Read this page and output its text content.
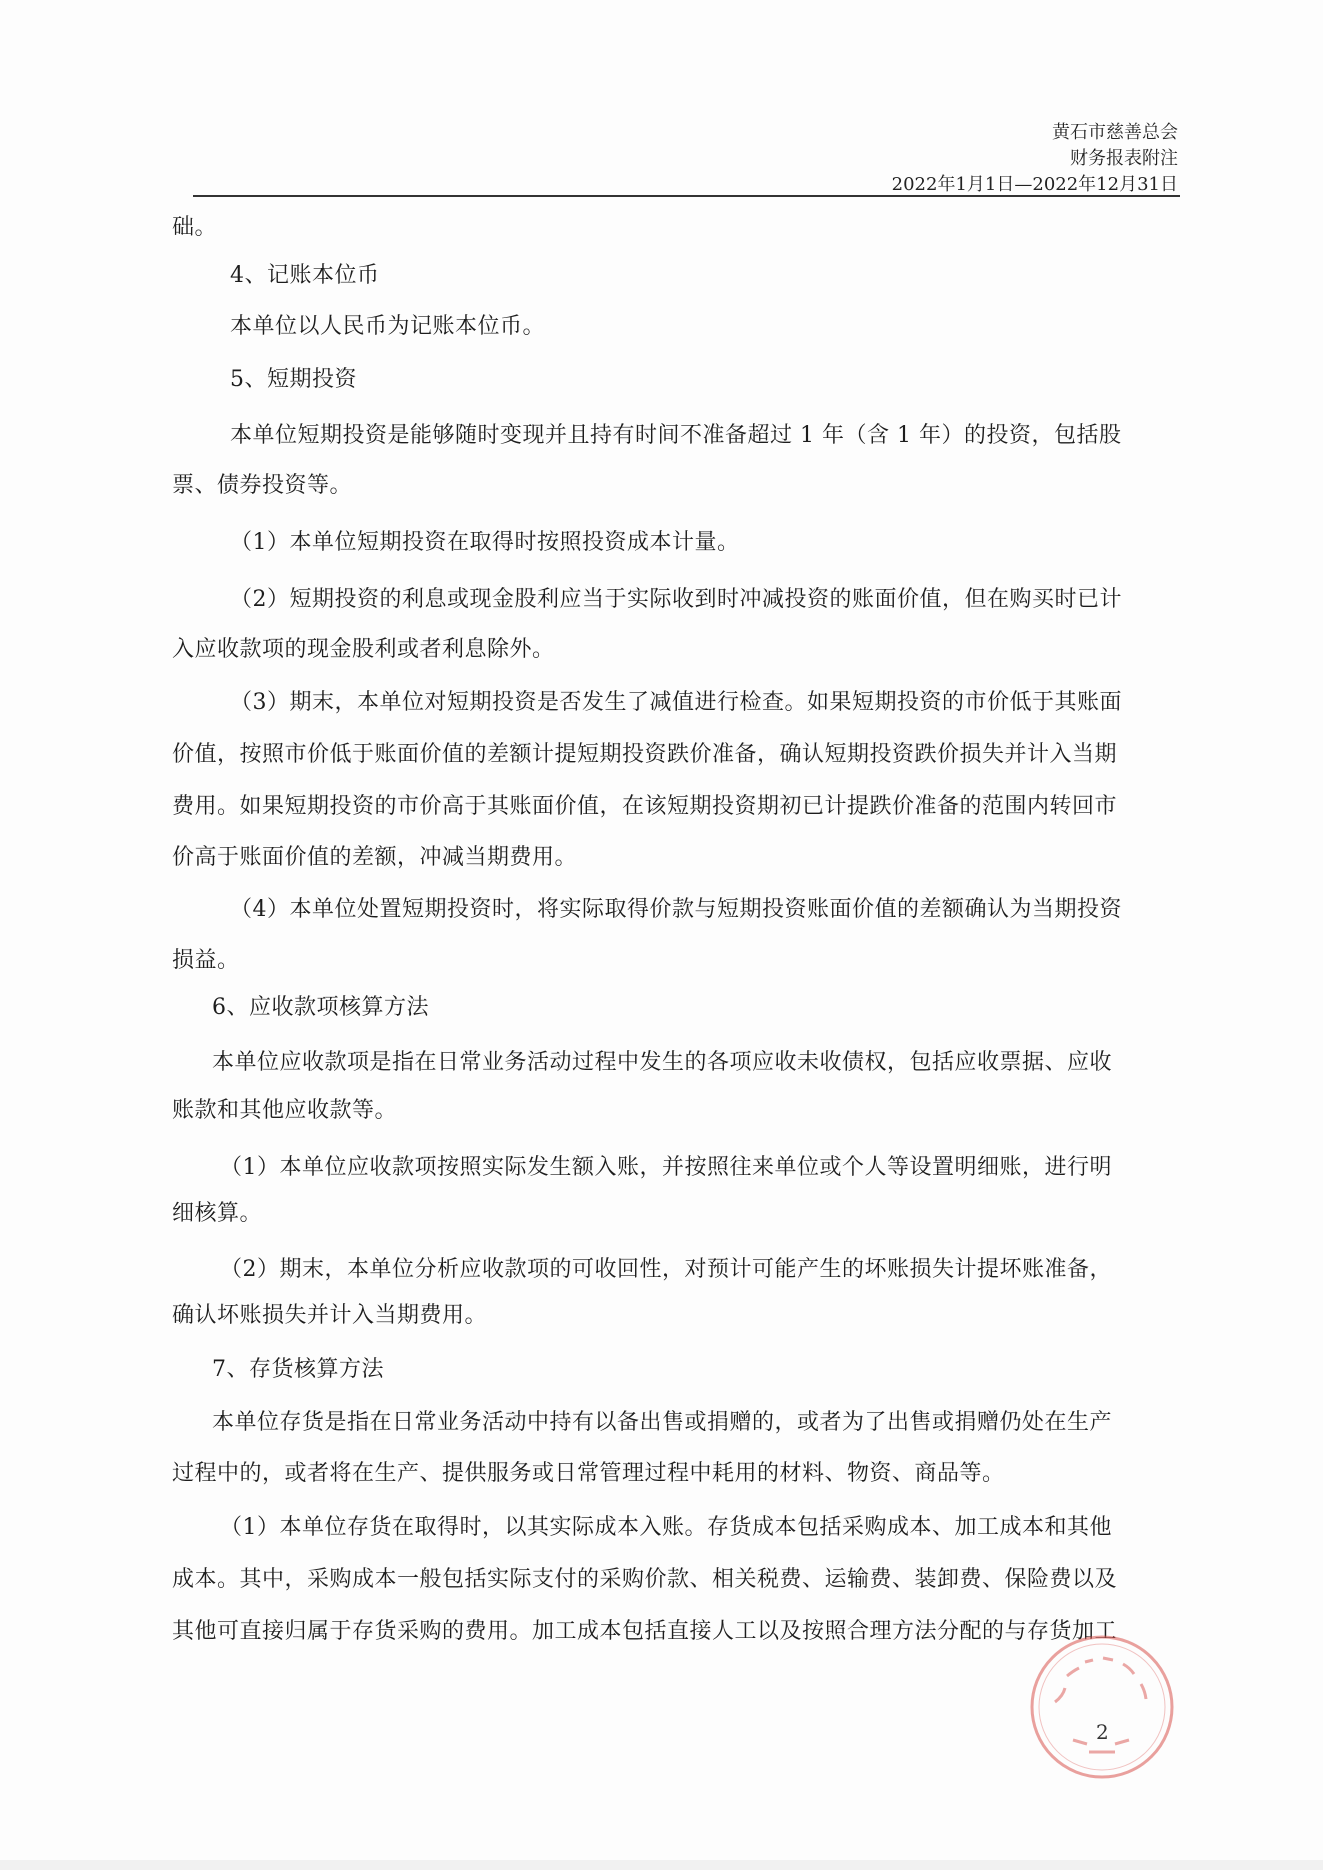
黄石市慈善总会
财务报表附注
2022年1月1日—2022年12月31日
础。
4、记账本位币
本单位以人民币为记账本位币。
5、短期投资
本单位短期投资是能够随时变现并且持有时间不准备超过 1 年（含 1 年）的投资，包括股
票、债券投资等。
（1）本单位短期投资在取得时按照投资成本计量。
（2）短期投资的利息或现金股利应当于实际收到时冲减投资的账面价值，但在购买时已计
入应收款项的现金股利或者利息除外。
（3）期末，本单位对短期投资是否发生了减值进行检查。如果短期投资的市价低于其账面
价值，按照市价低于账面价值的差额计提短期投资跌价准备，确认短期投资跌价损失并计入当期
费用。如果短期投资的市价高于其账面价值，在该短期投资期初已计提跌价准备的范围内转回市
价高于账面价值的差额，冲减当期费用。
（4）本单位处置短期投资时，将实际取得价款与短期投资账面价值的差额确认为当期投资
损益。
6、应收款项核算方法
本单位应收款项是指在日常业务活动过程中发生的各项应收未收债权，包括应收票据、应收
账款和其他应收款等。
（1）本单位应收款项按照实际发生额入账，并按照往来单位或个人等设置明细账，进行明
细核算。
（2）期末，本单位分析应收款项的可收回性，对预计可能产生的坏账损失计提坏账准备，
确认坏账损失并计入当期费用。
7、存货核算方法
本单位存货是指在日常业务活动中持有以备出售或捐赠的，或者为了出售或捐赠仍处在生产
过程中的，或者将在生产、提供服务或日常管理过程中耗用的材料、物资、商品等。
（1）本单位存货在取得时，以其实际成本入账。存货成本包括采购成本、加工成本和其他
成本。其中，采购成本一般包括实际支付的采购价款、相关税费、运输费、装卸费、保险费以及
其他可直接归属于存货采购的费用。加工成本包括直接人工以及按照合理方法分配的与存货加工
2
